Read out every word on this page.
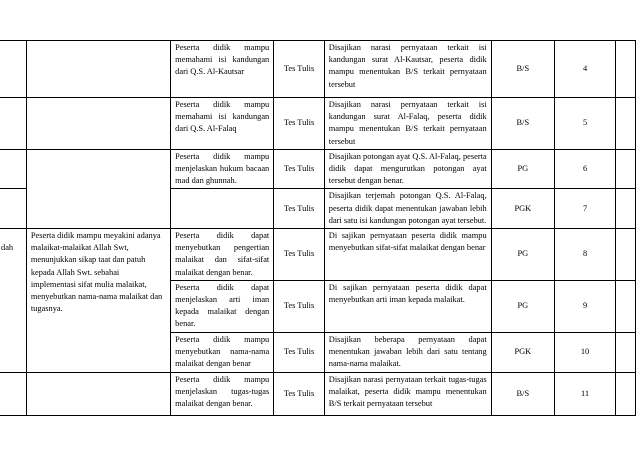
		Peserta didik mampu memahami isi kandungan dari Q.S. Al-Kautsar	Tes Tulis	Disajikan narasi pernyataan terkait isi kandungan surat Al-Kautsar, peserta didik mampu menentukan B/S terkait pernyataan tersebut	B/S	4	
		Peserta didik mampu memahami isi kandungan dari Q.S. Al-Falaq	Tes Tulis	Disajikan narasi pernyataan terkait isi kandungan surat Al-Falaq, peserta didik mampu menentukan B/S terkait pernyataan tersebut	B/S	5	
		Peserta didik mampu menjelaskan hukum bacaan mad dan ghunnah.	Tes Tulis	Disajikan potongan ayat Q.S. Al-Falaq, peserta didik dapat mengurutkan potongan ayat tersebut dengan benar.	PG	6	
			Tes Tulis	Disajikan terjemah potongan Q.S. Al-Falaq, peserta didik dapat menentukan jawaban lebih dari satu isi kandungan potongan ayat tersebut.	PGK	7	
dah	Peserta didik mampu meyakini adanya malaikat-malaikat Allah Swt, menunjukkan sikap taat dan patuh kepada Allah Swt. sebahai implementasi sifat mulia malaikat, menyebutkan nama-nama malaikat dan tugasnya.	Peserta didik dapat menyebutkan pengertian malaikat dan sifat-sifat malaikat dengan benar.	Tes Tulis	Di sajikan pernyataan peserta didik mampu menyebutkan sifat-sifat malaikat dengan benar	PG	8	
		Peserta didik dapat menjelaskan arti iman kepada malaikat dengan benar.	Tes Tulis	Di sajikan pernyataan peserta didik dapat menyebutkan arti iman kepada malaikat.	PG	9	
		Peserta didik mampu menyebutkan nama-nama malaikat dengan benar	Tes Tulis	Disajikan beberapa pernyataan dapat menentukan jawaban lebih dari satu tentang nama-nama malaikat.	PGK	10	
		Peserta didik mampu menjelaskan tugas-tugas malaikat dengan benar.	Tes Tulis	Disajikan narasi pernyataan terkait tugas-tugas malaikat, peserta didik mampu menentukan B/S terkait pernyataan tersebut	B/S	11	
